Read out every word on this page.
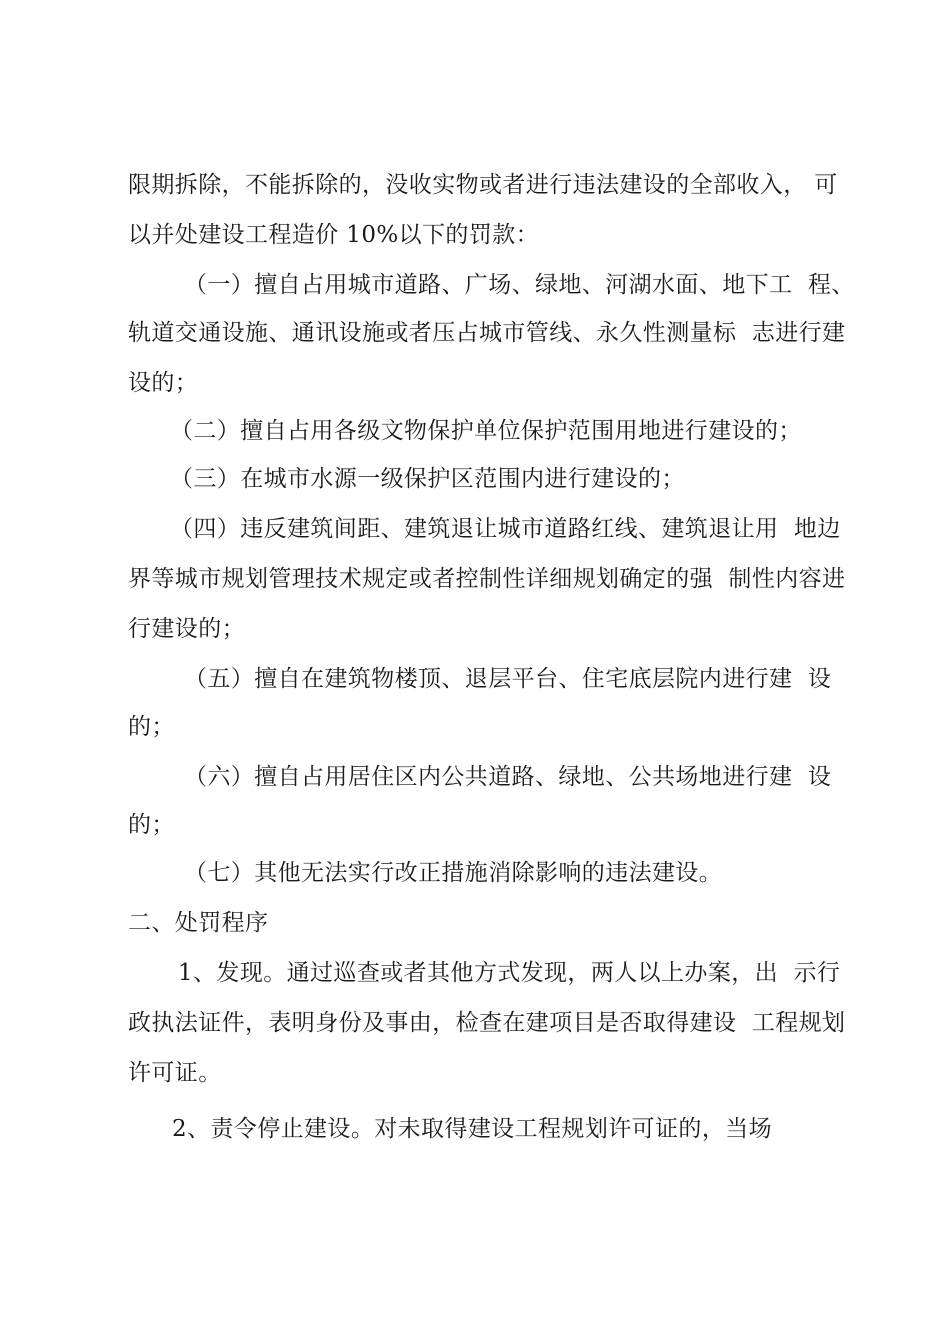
限期拆除，不能拆除的，没收实物或者进行违法建设的全部收入， 可
以并处建设工程造价 10%以下的罚款：
（一）擅自占用城市道路、广场、绿地、河湖水面、地下工  程、
轨道交通设施、通讯设施或者压占城市管线、永久性测量标  志进行建
设的；
（二）擅自占用各级文物保护单位保护范围用地进行建设的；
（三）在城市水源一级保护区范围内进行建设的；
（四）违反建筑间距、建筑退让城市道路红线、建筑退让用  地边
界等城市规划管理技术规定或者控制性详细规划确定的强  制性内容进
行建设的；
（五）擅自在建筑物楼顶、退层平台、住宅底层院内进行建  设
的；
（六）擅自占用居住区内公共道路、绿地、公共场地进行建  设
的；
（七）其他无法实行改正措施消除影响的违法建设。
二、处罚程序
1、发现。通过巡查或者其他方式发现，两人以上办案，出  示行
政执法证件，表明身份及事由，检查在建项目是否取得建设  工程规划
许可证。
2、责令停止建设。对未取得建设工程规划许可证的，当场
